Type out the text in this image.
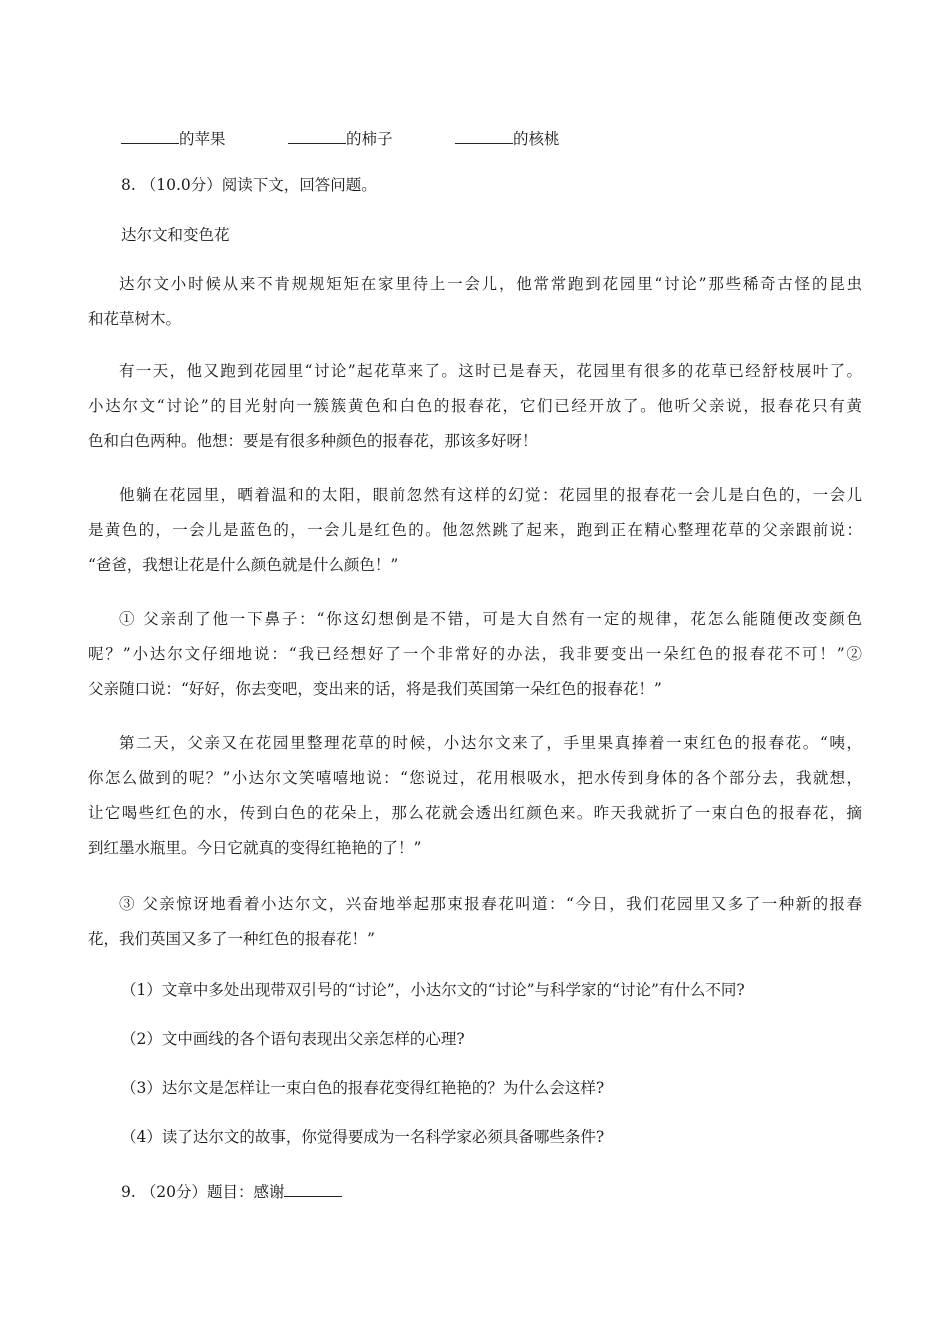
的苹果	的柿子	的核桃
8. （10.0分）阅读下文，回答问题。
达尔文和变色花
达尔文小时候从来不肯规规矩矩在家里待上一会儿，他常常跑到花园里“讨论”那些稀奇古怪的昆虫
和花草树木。
有一天，他又跑到花园里“讨论”起花草来了。这时已是春天，花园里有很多的花草已经舒枝展叶了。
小达尔文“讨论”的目光射向一簇簇黄色和白色的报春花，它们已经开放了。他听父亲说，报春花只有黄
色和白色两种。他想：要是有很多种颜色的报春花，那该多好呀！
他躺在花园里，晒着温和的太阳，眼前忽然有这样的幻觉：花园里的报春花一会儿是白色的，一会儿
是黄色的，一会儿是蓝色的，一会儿是红色的。他忽然跳了起来，跑到正在精心整理花草的父亲跟前说：
“爸爸，我想让花是什么颜色就是什么颜色！”
① 父亲刮了他一下鼻子：“你这幻想倒是不错，可是大自然有一定的规律，花怎么能随便改变颜色
呢？”小达尔文仔细地说：“我已经想好了一个非常好的办法，我非要变出一朵红色的报春花不可！”②
父亲随口说：“好好，你去变吧，变出来的话，将是我们英国第一朵红色的报春花！”
第二天，父亲又在花园里整理花草的时候，小达尔文来了，手里果真捧着一束红色的报春花。“咦，
你怎么做到的呢？”小达尔文笑嘻嘻地说：“您说过，花用根吸水，把水传到身体的各个部分去，我就想，
让它喝些红色的水，传到白色的花朵上，那么花就会透出红颜色来。昨天我就折了一束白色的报春花，摘
到红墨水瓶里。今日它就真的变得红艳艳的了！”
③ 父亲惊讶地看着小达尔文，兴奋地举起那束报春花叫道：“今日，我们花园里又多了一种新的报春
花，我们英国又多了一种红色的报春花！”
（1）文章中多处出现带双引号的“讨论”，小达尔文的“讨论”与科学家的“讨论”有什么不同?
（2）文中画线的各个语句表现出父亲怎样的心理?
（3）达尔文是怎样让一束白色的报春花变得红艳艳的？为什么会这样?
（4）读了达尔文的故事，你觉得要成为一名科学家必须具备哪些条件?
9. （20分）题目：感谢
